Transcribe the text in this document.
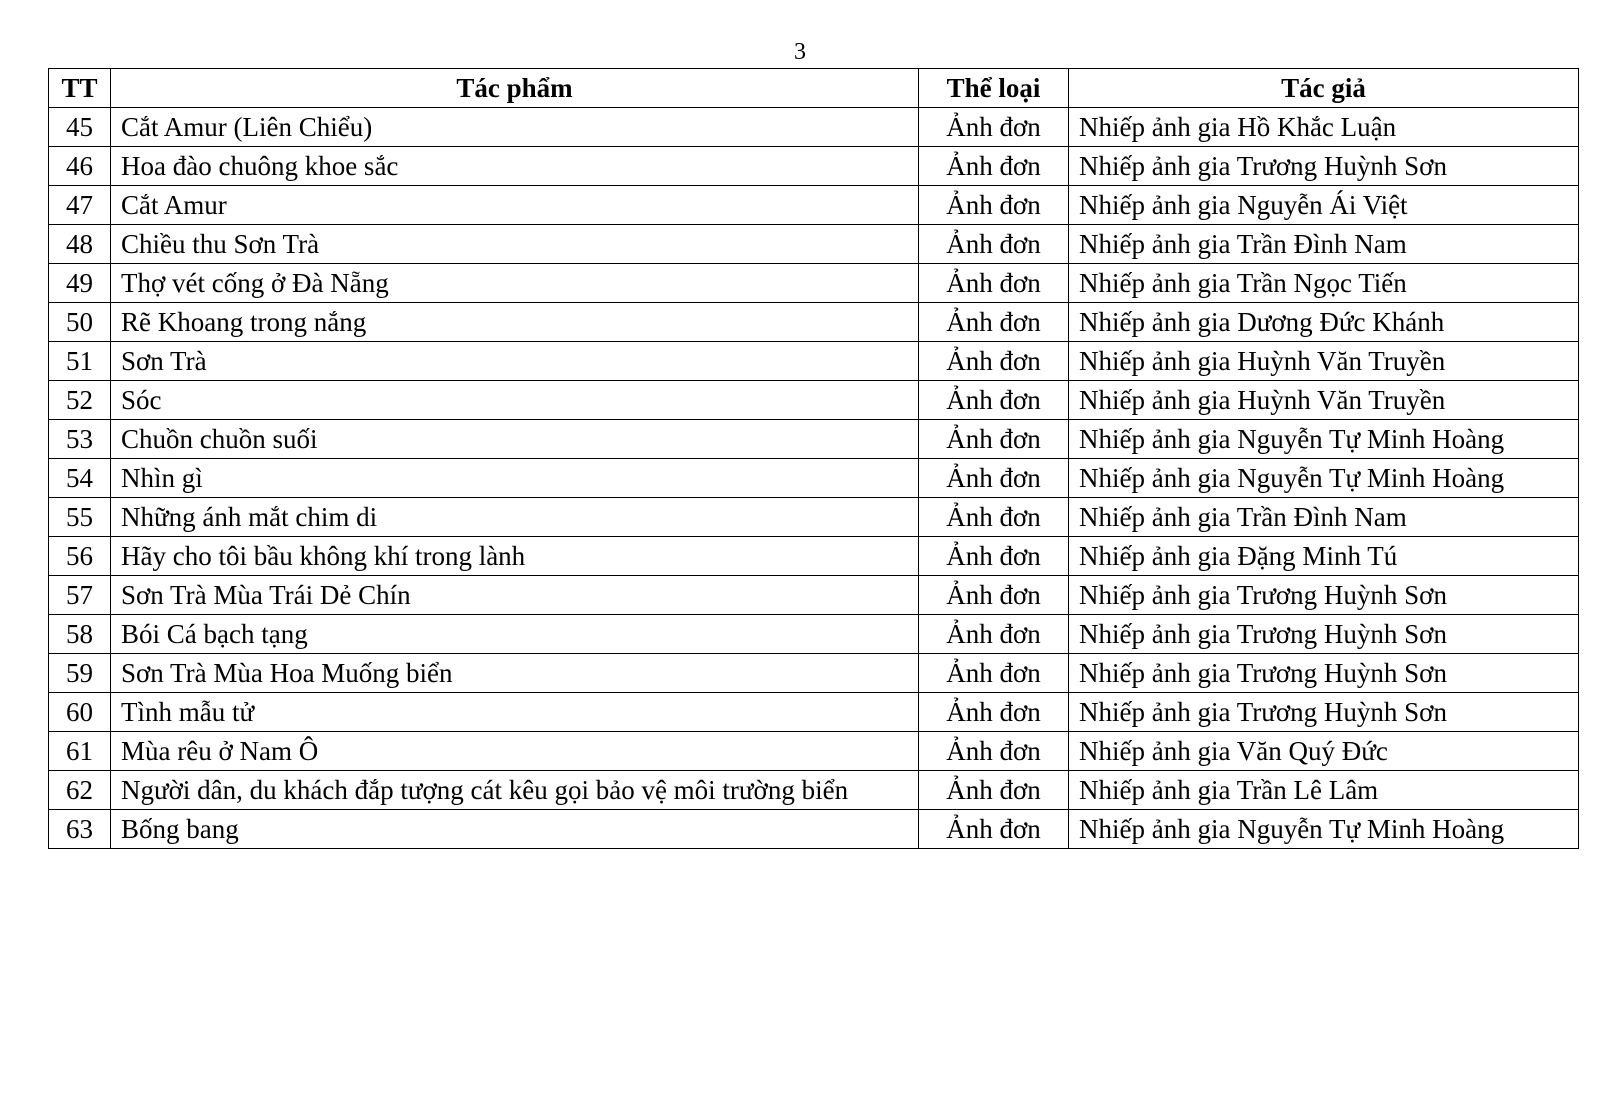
3
TT	Tác phẩm	Thể loại	Tác giả
45	Cắt Amur (Liên Chiểu)	Ảnh đơn	Nhiếp ảnh gia Hồ Khắc Luận
46	Hoa đào chuông khoe sắc	Ảnh đơn	Nhiếp ảnh gia Trương Huỳnh Sơn
47	Cắt Amur	Ảnh đơn	Nhiếp ảnh gia Nguyễn Ái Việt
48	Chiều thu Sơn Trà	Ảnh đơn	Nhiếp ảnh gia Trần Đình Nam
49	Thợ vét cống ở Đà Nẵng	Ảnh đơn	Nhiếp ảnh gia Trần Ngọc Tiến
50	Rẽ Khoang trong nắng	Ảnh đơn	Nhiếp ảnh gia Dương Đức Khánh
51	Sơn Trà	Ảnh đơn	Nhiếp ảnh gia Huỳnh Văn Truyền
52	Sóc	Ảnh đơn	Nhiếp ảnh gia Huỳnh Văn Truyền
53	Chuồn chuồn suối	Ảnh đơn	Nhiếp ảnh gia Nguyễn Tự Minh Hoàng
54	Nhìn gì	Ảnh đơn	Nhiếp ảnh gia Nguyễn Tự Minh Hoàng
55	Những ánh mắt chim di	Ảnh đơn	Nhiếp ảnh gia Trần Đình Nam
56	Hãy cho tôi bầu không khí trong lành	Ảnh đơn	Nhiếp ảnh gia Đặng Minh Tú
57	Sơn Trà Mùa Trái Dẻ Chín	Ảnh đơn	Nhiếp ảnh gia Trương Huỳnh Sơn
58	Bói Cá bạch tạng	Ảnh đơn	Nhiếp ảnh gia Trương Huỳnh Sơn
59	Sơn Trà Mùa Hoa Muống biển	Ảnh đơn	Nhiếp ảnh gia Trương Huỳnh Sơn
60	Tình mẫu tử	Ảnh đơn	Nhiếp ảnh gia Trương Huỳnh Sơn
61	Mùa rêu ở Nam Ô	Ảnh đơn	Nhiếp ảnh gia Văn Quý Đức
62	Người dân, du khách đắp tượng cát kêu gọi bảo vệ môi trường biển	Ảnh đơn	Nhiếp ảnh gia Trần Lê Lâm
63	Bống bang	Ảnh đơn	Nhiếp ảnh gia Nguyễn Tự Minh Hoàng
